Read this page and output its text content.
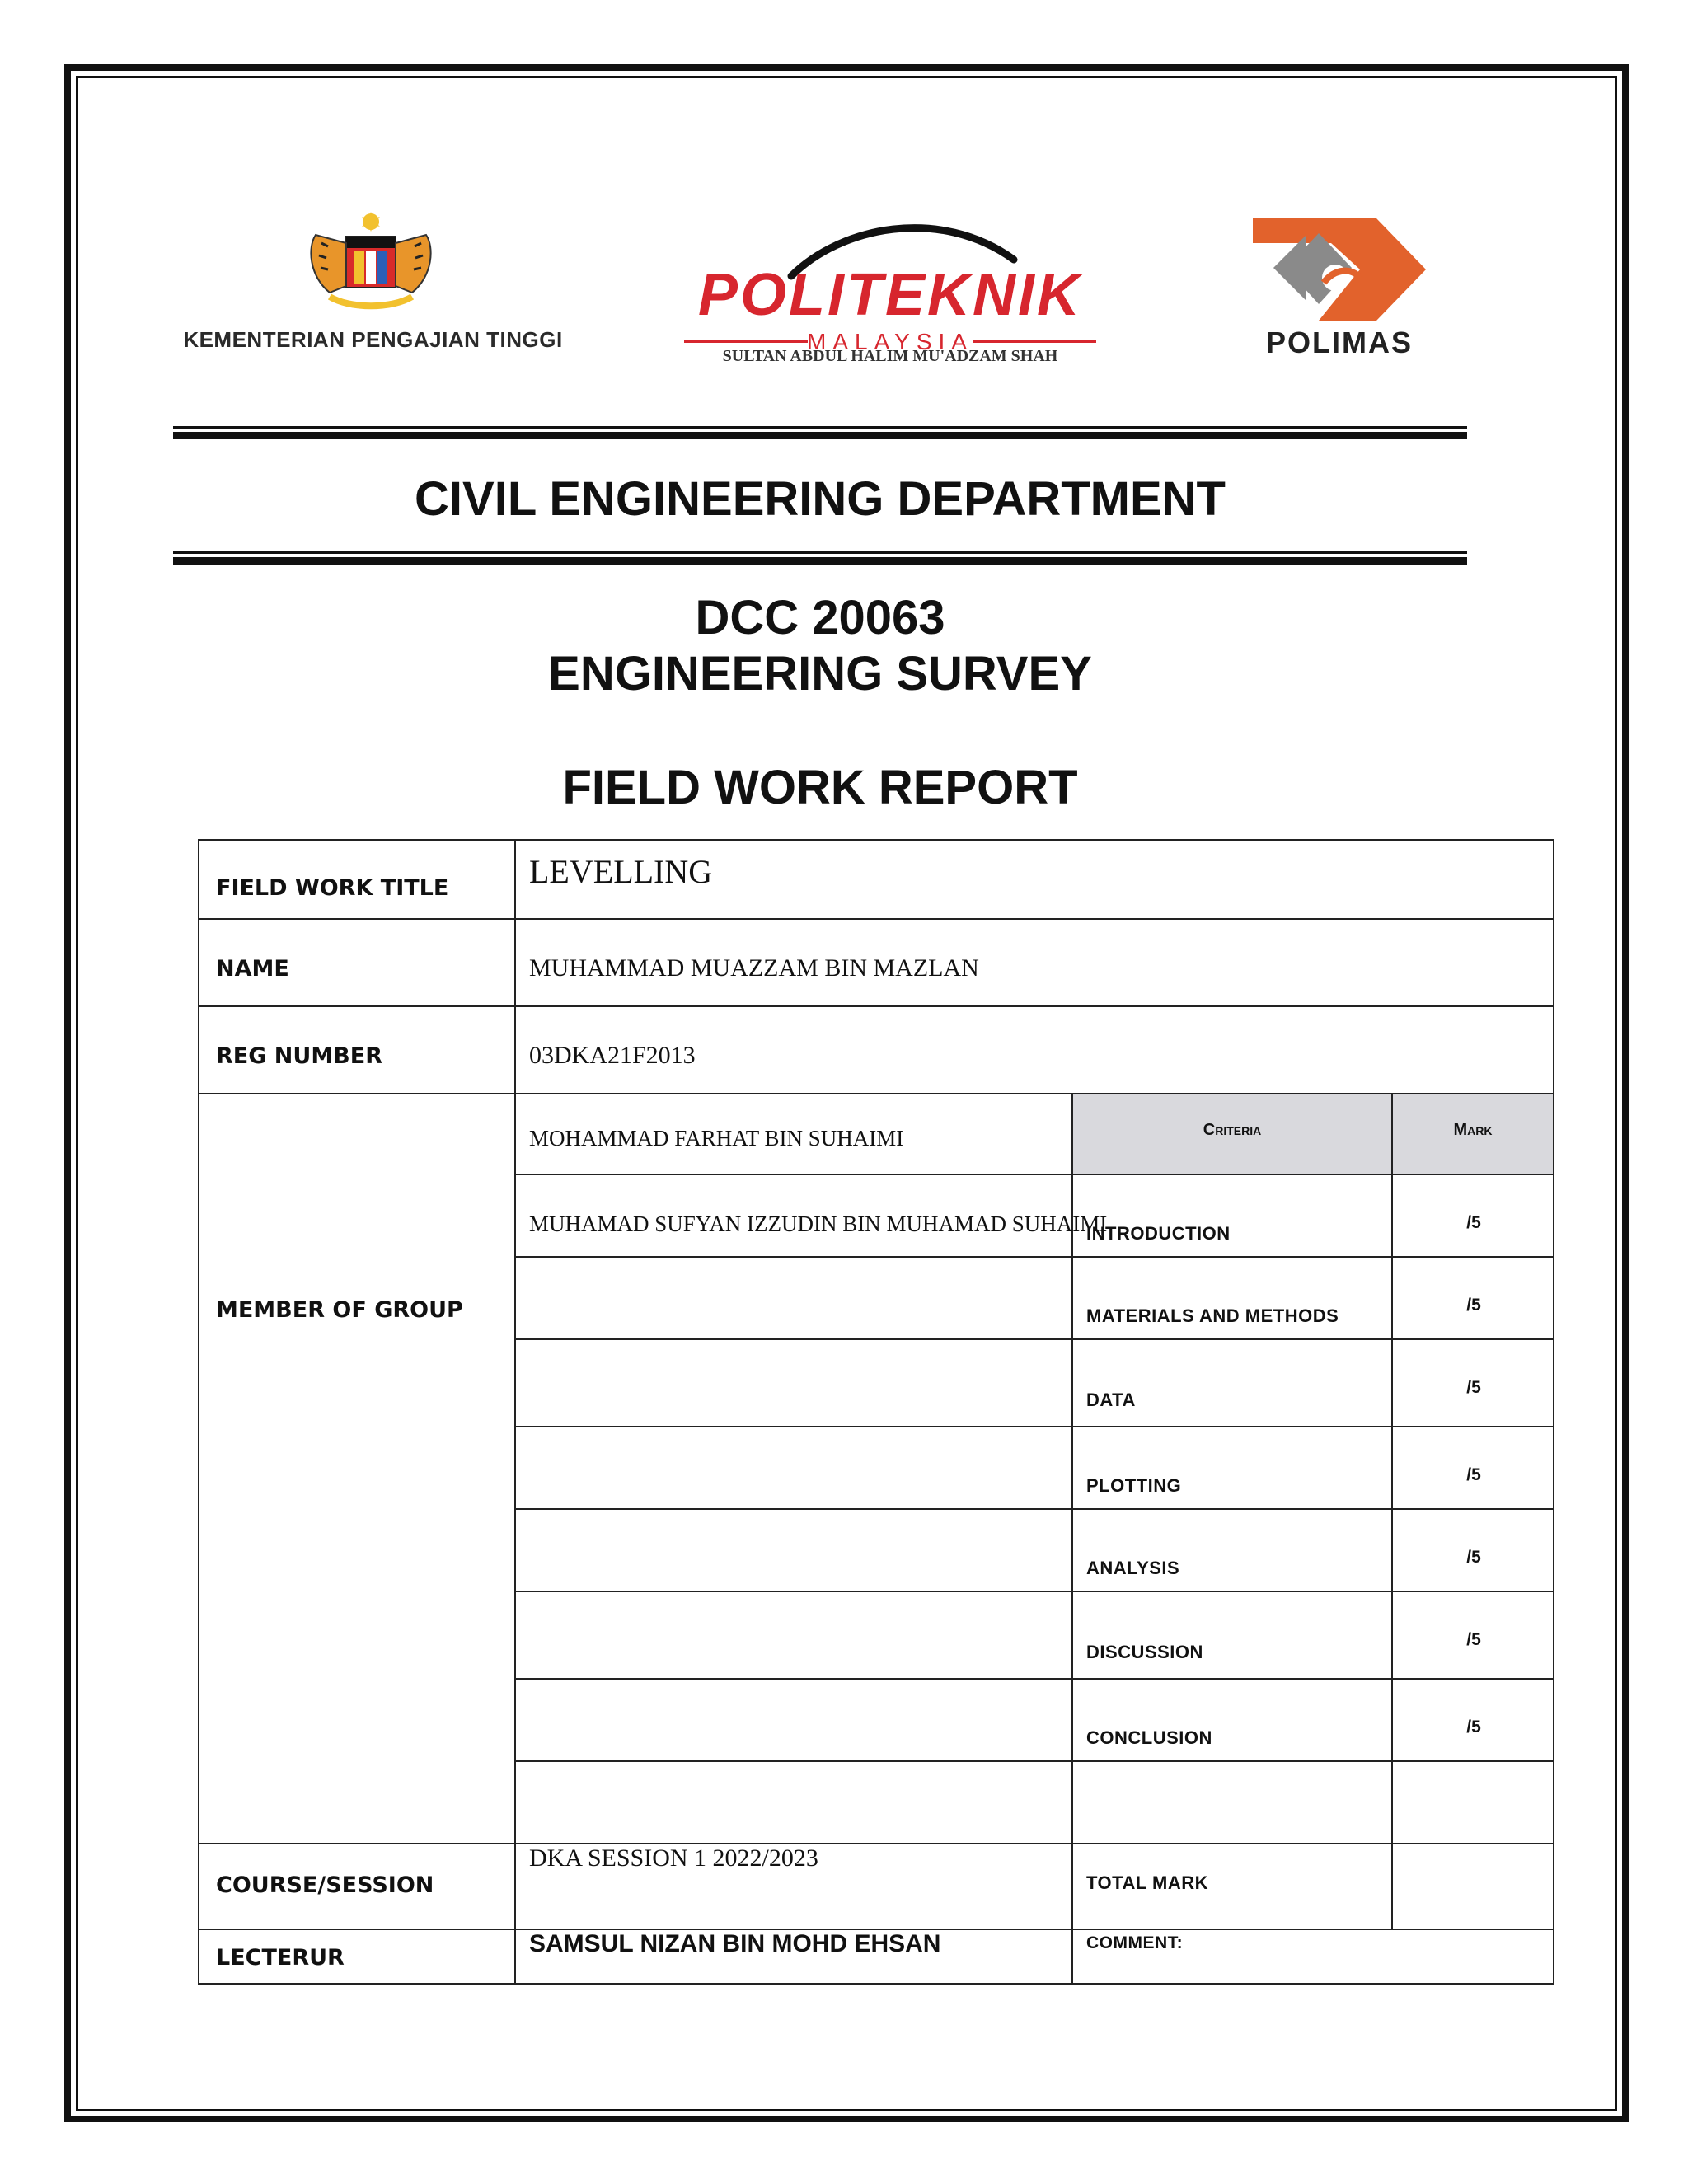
KEMENTERIAN PENGAJIAN TINGGI
POLITEKNIK
MALAYSIA
SULTAN ABDUL HALIM MU'ADZAM SHAH	POLIMAS
CIVIL ENGINEERING DEPARTMENT
DCC 20063
ENGINEERING SURVEY
FIELD WORK REPORT
FIELD WORK TITLE
NAME
REG NUMBER
MEMBER OF GROUP
COURSE/SESSION
LECTERUR
LEVELLING
MUHAMMAD MUAZZAM BIN MAZLAN
03DKA21F2013
MOHAMMAD FARHAT BIN SUHAIMI
MUHAMAD SUFYAN IZZUDIN BIN MUHAMAD SUHAIMI
DKA SESSION 1 2022/2023
SAMSUL NIZAN BIN MOHD EHSAN
Criteria	Mark
INTRODUCTION
/5
MATERIALS AND METHODS
/5
DATA
/5
PLOTTING
/5
ANALYSIS
/5
DISCUSSION
/5
CONCLUSION
/5
TOTAL MARK
COMMENT:
